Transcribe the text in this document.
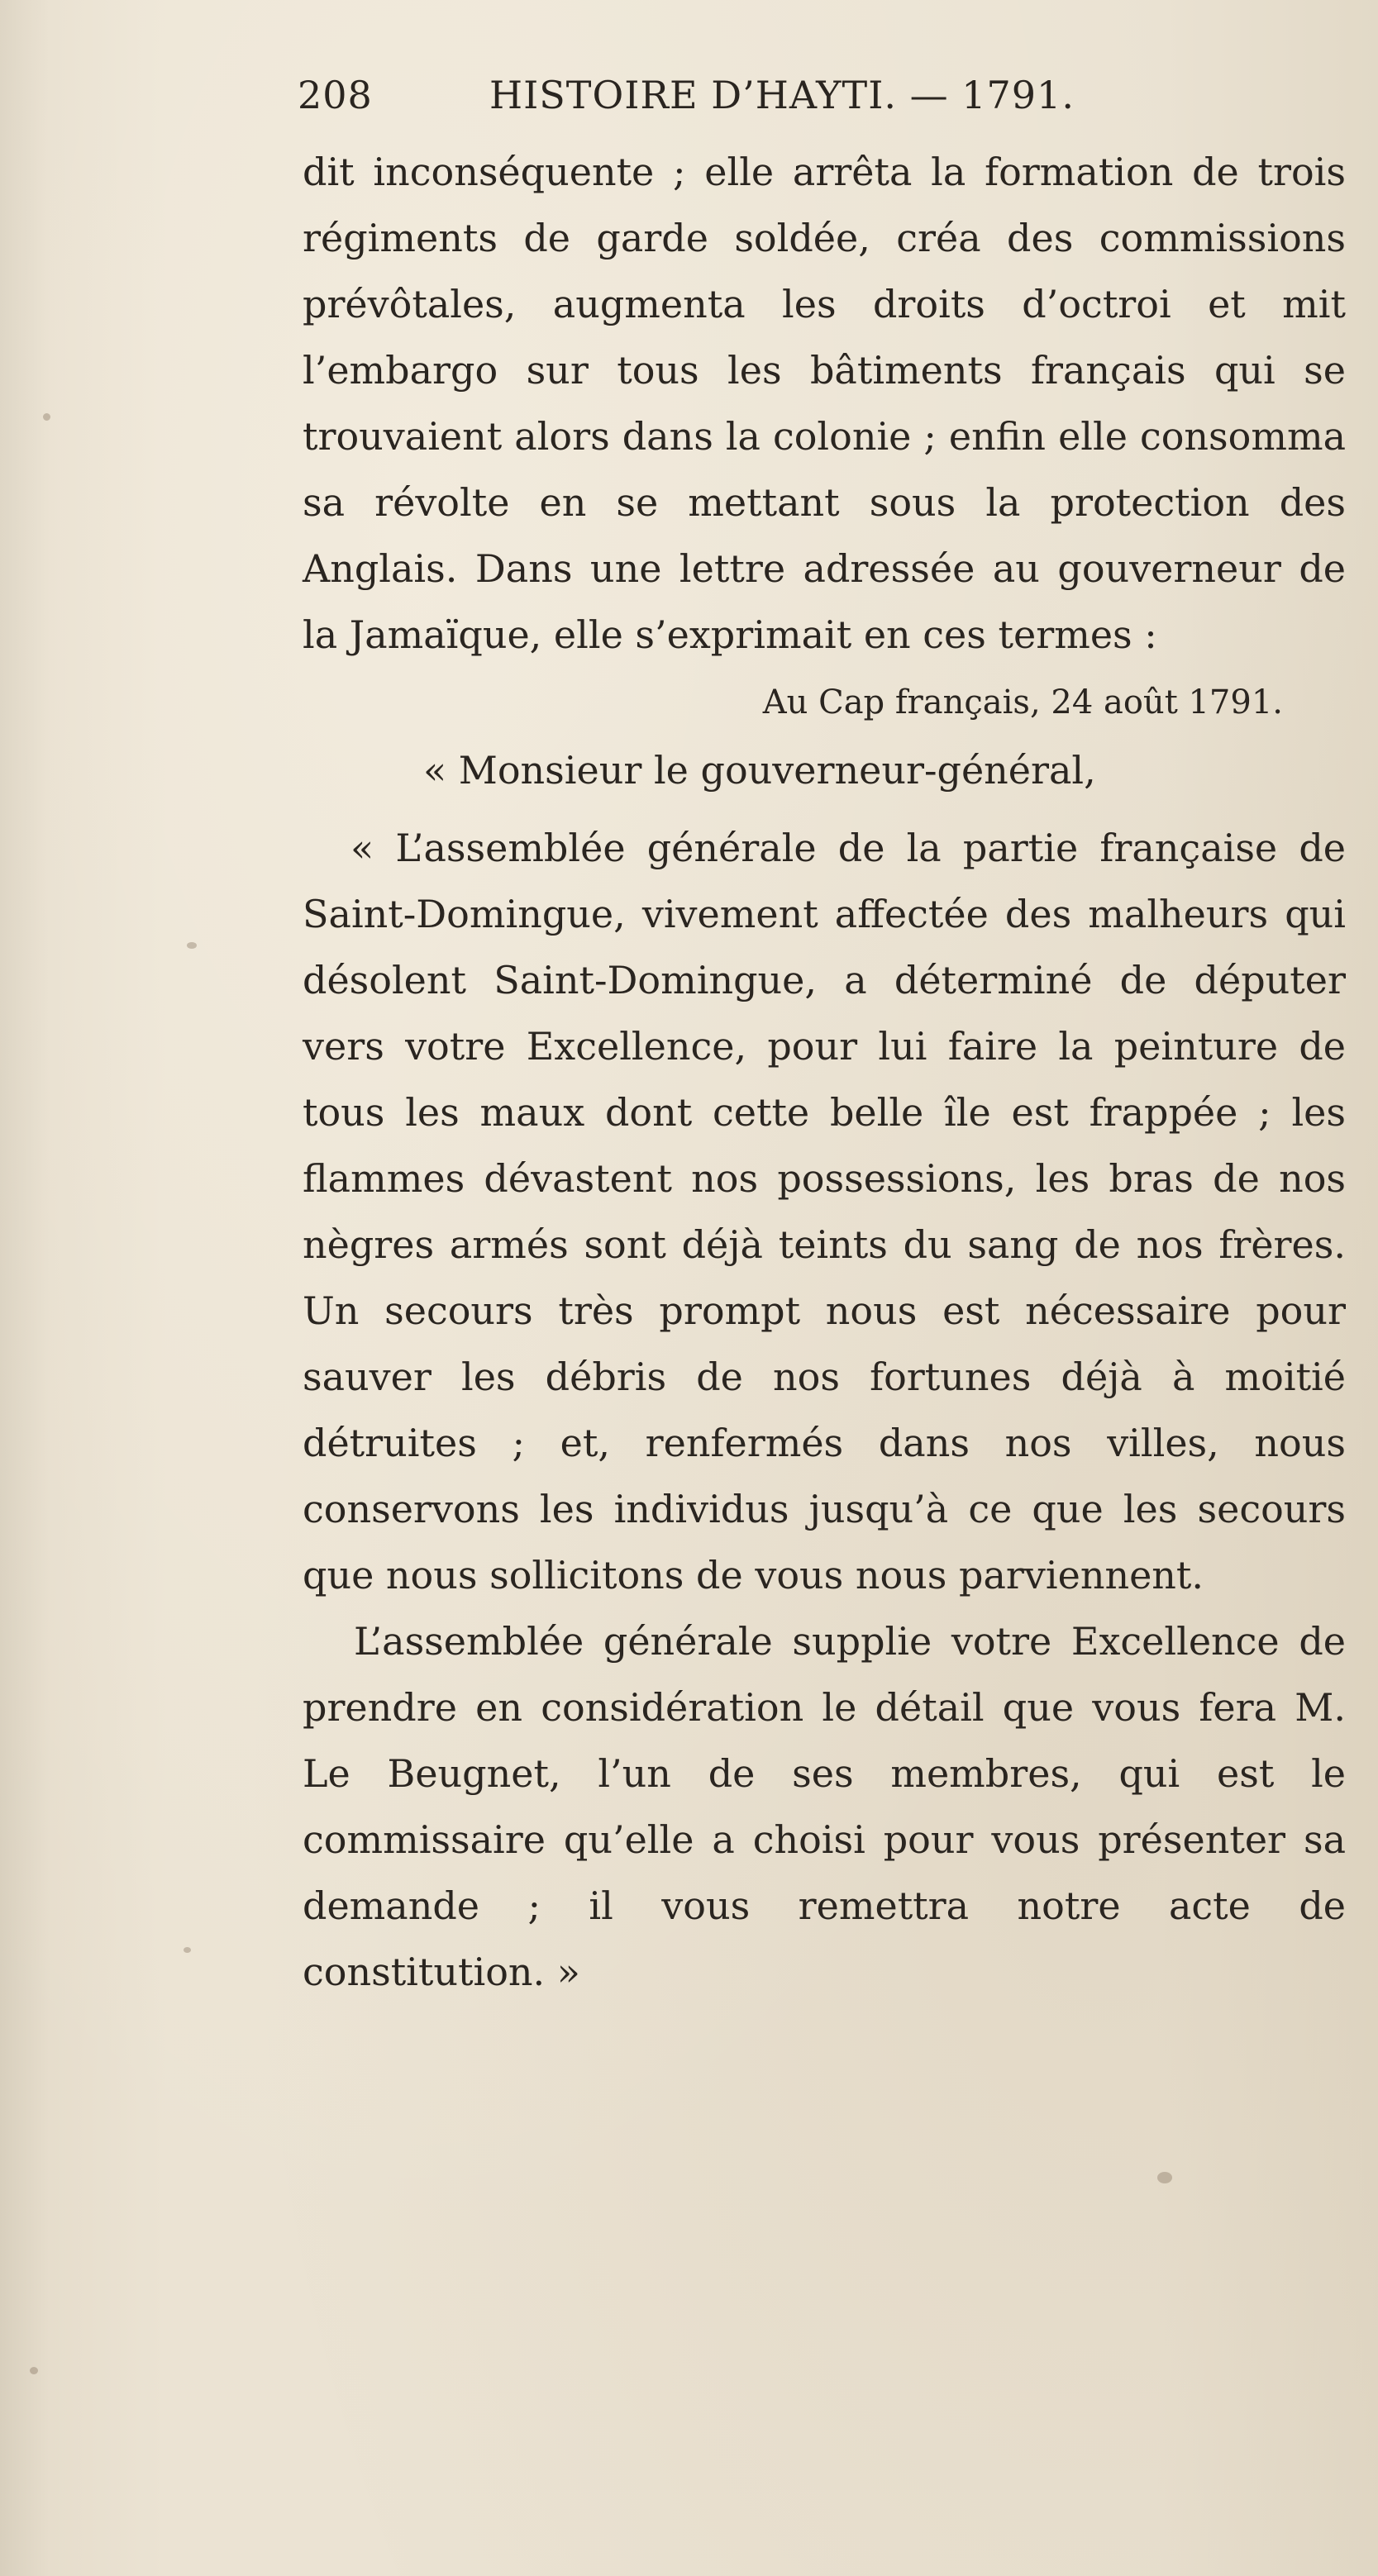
208	HISTOIRE D’HAYTI. — 1791.

dit inconséquente ; elle arrêta la formation de trois régiments de garde soldée, créa des commissions prévôtales, augmenta les droits d’octroi et mit l’embargo sur tous les bâtiments français qui se trouvaient alors dans la colonie ; enfin elle consomma sa révolte en se mettant sous la protection des Anglais. Dans une lettre adressée au gouverneur de la Jamaïque, elle s’exprimait en ces termes :

Au Cap français, 24 août 1791.

« Monsieur le gouverneur-général,

« L’assemblée générale de la partie française de Saint-Domingue, vivement affectée des malheurs qui désolent Saint-Domingue, a déterminé de députer vers votre Excellence, pour lui faire la peinture de tous les maux dont cette belle île est frappée ; les flammes dévastent nos possessions, les bras de nos nègres armés sont déjà teints du sang de nos frères. Un secours très prompt nous est nécessaire pour sauver les débris de nos fortunes déjà à moitié détruites ; et, renfermés dans nos villes, nous conservons les individus jusqu’à ce que les secours que nous sollicitons de vous nous parviennent.

L’assemblée générale supplie votre Excellence de prendre en considération le détail que vous fera M. Le Beugnet, l’un de ses membres, qui est le commissaire qu’elle a choisi pour vous présenter sa demande ; il vous remettra notre acte de constitution. »
